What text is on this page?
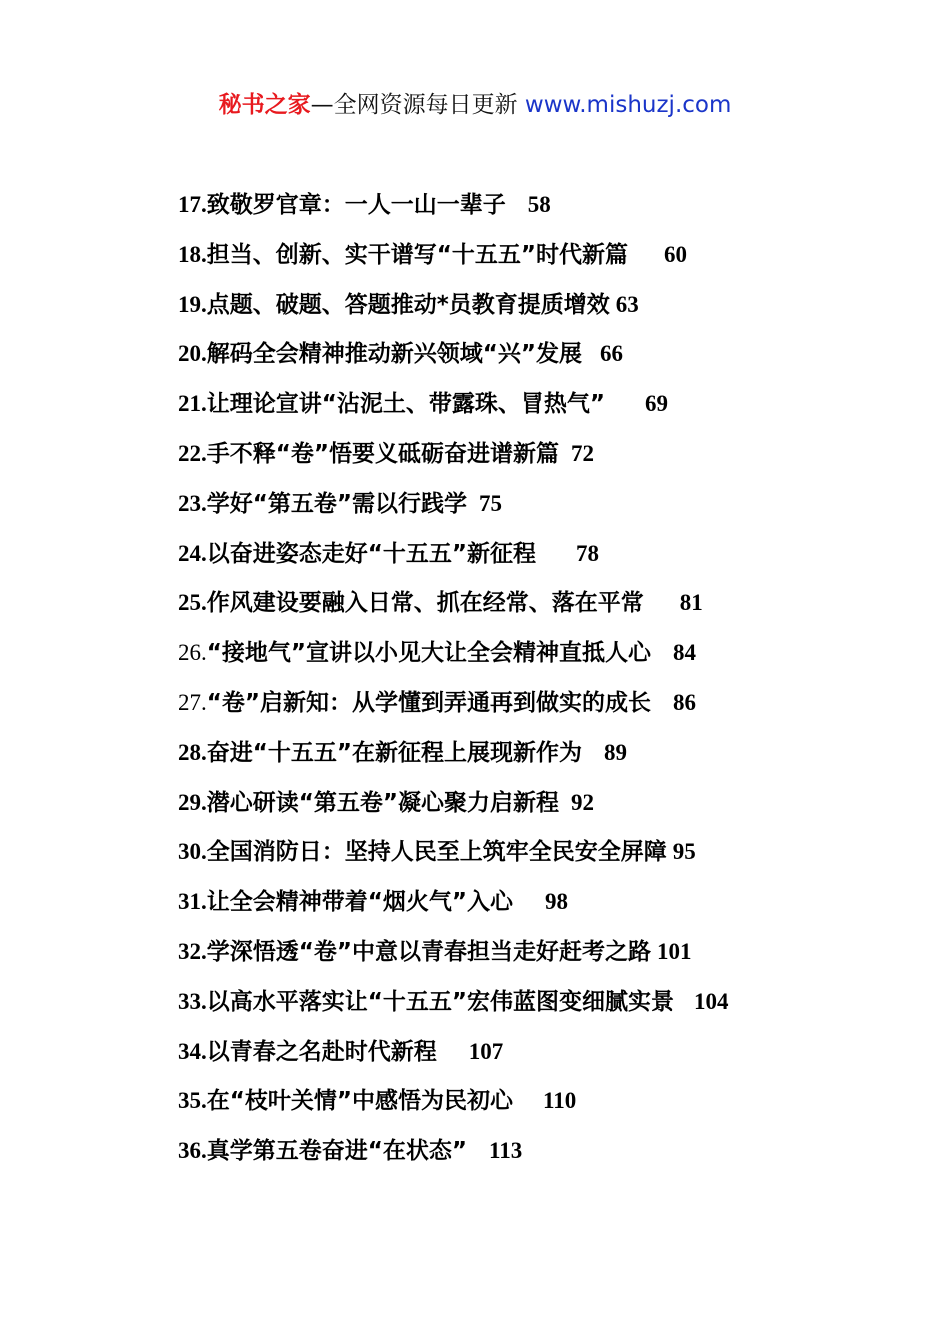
秘书之家—全网资源每日更新 www.mishuzj.com
17.致敬罗官章：一人一山一辈子 58
18.担当、创新、实干谱写“十五五”时代新篇 60
19.点题、破题、答题推动*员教育提质增效 63
20.解码全会精神推动新兴领域“兴”发展 66
21.让理论宣讲“沾泥土、带露珠、冒热气” 69
22.手不释“卷”悟要义砥砺奋进谱新篇 72
23.学好“第五卷”需以行践学 75
24.以奋进姿态走好“十五五”新征程 78
25.作风建设要融入日常、抓在经常、落在平常 81
26.“接地气”宣讲以小见大让全会精神直抵人心 84
27.“卷”启新知：从学懂到弄通再到做实的成长 86
28.奋进“十五五”在新征程上展现新作为 89
29.潜心研读“第五卷”凝心聚力启新程 92
30.全国消防日：坚持人民至上筑牢全民安全屏障 95
31.让全会精神带着“烟火气”入心 98
32.学深悟透“卷”中意以青春担当走好赶考之路 101
33.以高水平落实让“十五五”宏伟蓝图变细腻实景 104
34.以青春之名赴时代新程 107
35.在“枝叶关情”中感悟为民初心 110
36.真学第五卷奋进“在状态” 113
